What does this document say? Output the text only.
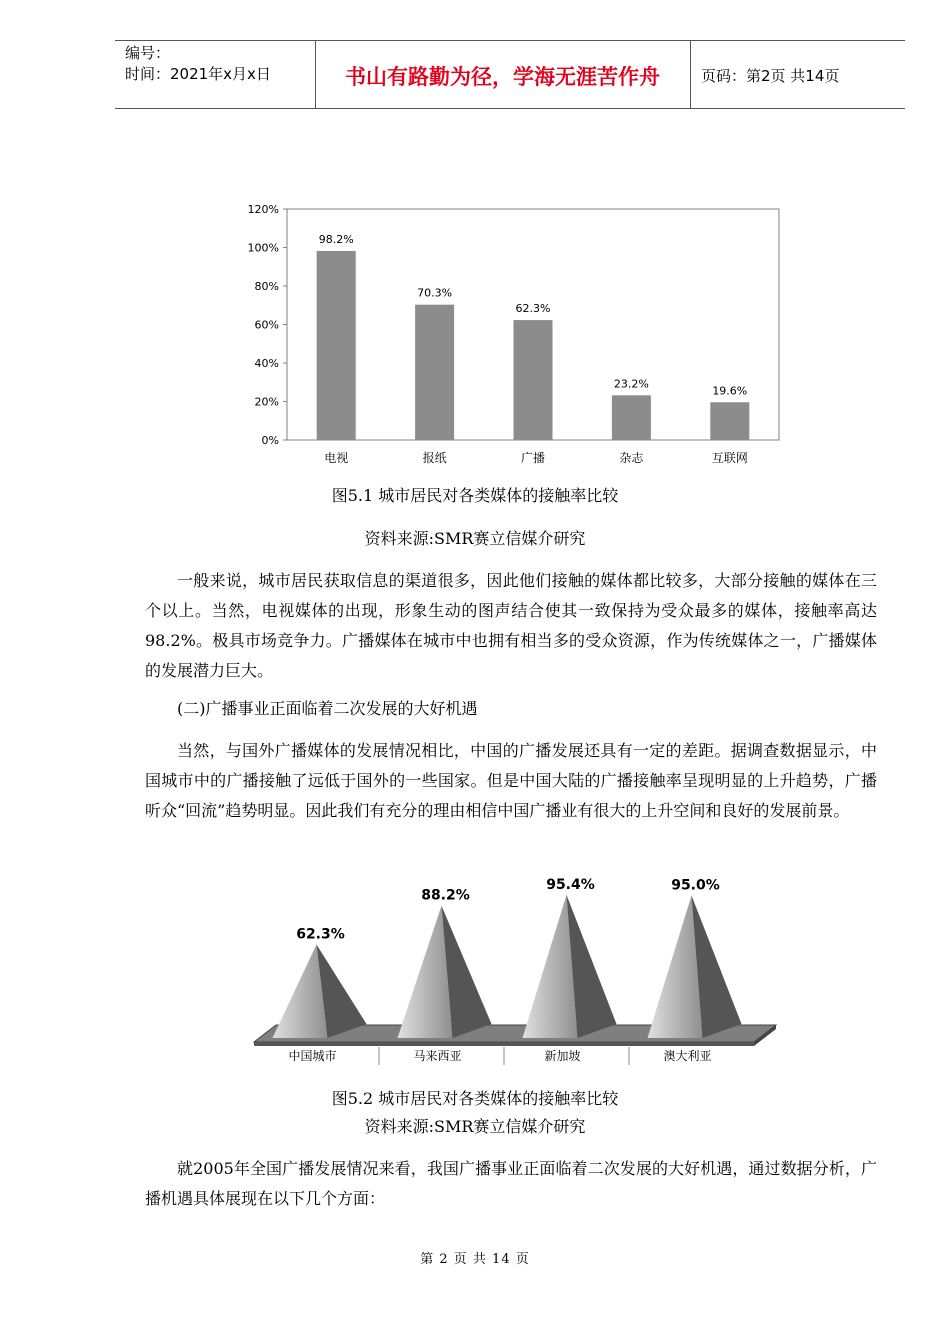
编号：
时间：2021年x月x日	书山有路勤为径，学海无涯苦作舟	页码：第2页 共14页
0%
20%
40%
60%
80%
100%
120%
98.2%
电视
70.3%
报纸
62.3%
广播
23.2%
杂志
19.6%
互联网
图5.1 城市居民对各类媒体的接触率比较
资料来源:SMR赛立信媒介研究

一般来说，城市居民获取信息的渠道很多，因此他们接触的媒体都比较多，大部分接触的媒体在三个以上。当然，电视媒体的出现，形象生动的图声结合使其一致保持为受众最多的媒体，接触率高达98.2%。极具市场竞争力。广播媒体在城市中也拥有相当多的受众资源，作为传统媒体之一，广播媒体的发展潜力巨大。

(二)广播事业正面临着二次发展的大好机遇

当然，与国外广播媒体的发展情况相比，中国的广播发展还具有一定的差距。据调查数据显示，中国城市中的广播接触了远低于国外的一些国家。但是中国大陆的广播接触率呈现明显的上升趋势，广播听众“回流”趋势明显。因此我们有充分的理由相信中国广播业有很大的上升空间和良好的发展前景。

62.3%
中国城市
88.2%
马来西亚
95.4%
新加坡
95.0%
澳大利亚
图5.2 城市居民对各类媒体的接触率比较
资料来源:SMR赛立信媒介研究

就2005年全国广播发展情况来看，我国广播事业正面临着二次发展的大好机遇，通过数据分析，广播机遇具体展现在以下几个方面：

第 2 页 共 14 页
